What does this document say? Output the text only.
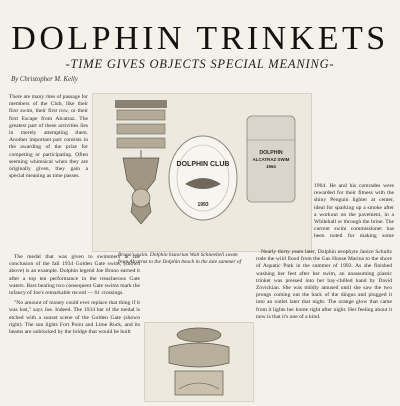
DOLPHIN TRINKETS
-TIME GIVES OBJECTS SPECIAL MEANING-

By Christopher M. Kelly

There are many rites of passage for members of the Club, like their first swim, their first row, or their first Escape from Alcatraz. The greatest part of these activities lies in merely attempting them. Another important part consists in the awarding of the prize for competing or participating. Often seeming whimsical when they are originally given, they gain a special meaning as time passes.

DOLPHIN CLUB
1993
DOLPHIN
ALCATRAZ SWIM
1964

1964. He and his comrades were rewarded for their fitness with the shiny Penguin lighter at center, ideal for sparking up a smoke after a workout on the pavement, in a Whitehall or through the brine. The current swim commissioner has been noted for making some

Bruno's swim. Dolphin historian Walt Schneebeli swam from Alcatraz to the Dolphin beach in the late summer of

The medal that was given to swimmers at the conclusion of the fall 1934 Golden Gate swim, (shown above) is an example. Dolphin legend Joe Bruno earned it after a top ten performance in the treacherous Gate waters. Bars bearing two consequent Gate swims mark the infancy of Joe's remarkable record — 61 crossings.

"No amount of money could ever replace that thing if it was lost," says Joe. Indeed. The 1934 bar of the medal is etched with a sunset scene of the Golden Gate (shown right). The sun lights Fort Point and Lime Rock, and its beams are unblocked by the bridge that would be built

Nearly thirty years later, Dolphin neophyte Janice Schultz rode the wild flood from the Gas House Marina to the shore of Aquatic Park in the summer of 1993. As she finished washing her feet after her swim, an unassuming plastic trinket was pressed into her bay-chilled hand by David Zovickian. She was mildly amused until she saw the two prongs coming out the back of the dingus and plugged it into an outlet later that night. The orange glow that came from it lights her home right after night. Her feeling about it now is that it's one of a kind.
